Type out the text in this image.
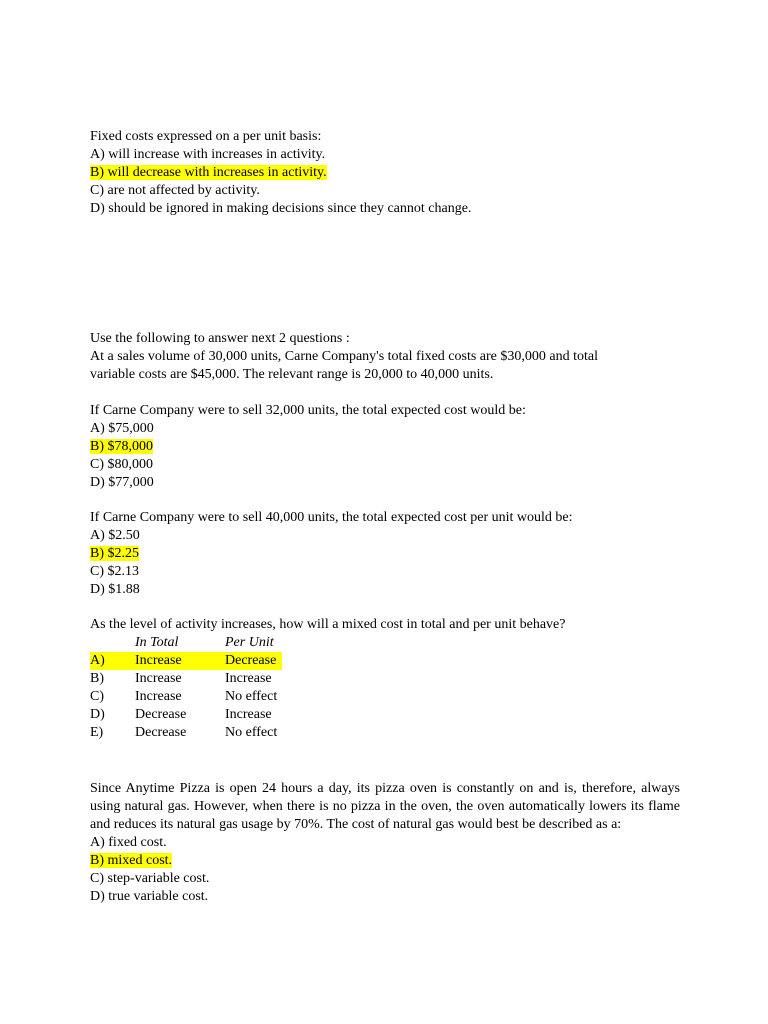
Fixed costs expressed on a per unit basis:
A) will increase with increases in activity.
B) will decrease with increases in activity.
C) are not affected by activity.
D) should be ignored in making decisions since they cannot change.
Use the following to answer next 2 questions :
At a sales volume of 30,000 units, Carne Company's total fixed costs are $30,000 and total
variable costs are $45,000. The relevant range is 20,000 to 40,000 units.
If Carne Company were to sell 32,000 units, the total expected cost would be:
A) $75,000
B) $78,000
C) $80,000
D) $77,000
If Carne Company were to sell 40,000 units, the total expected cost per unit would be:
A) $2.50
B) $2.25
C) $2.13
D) $1.88
As the level of activity increases, how will a mixed cost in total and per unit behave?
In Total	Per Unit
A) Increase	Decrease
B) Increase	Increase
C) Increase	No effect
D) Decrease	Increase
E) Decrease	No effect
Since Anytime Pizza is open 24 hours a day, its pizza oven is constantly on and is, therefore, always using natural gas. However, when there is no pizza in the oven, the oven automatically lowers its flame and reduces its natural gas usage by 70%. The cost of natural gas would best be described as a:
A) fixed cost.
B) mixed cost.
C) step-variable cost.
D) true variable cost.
